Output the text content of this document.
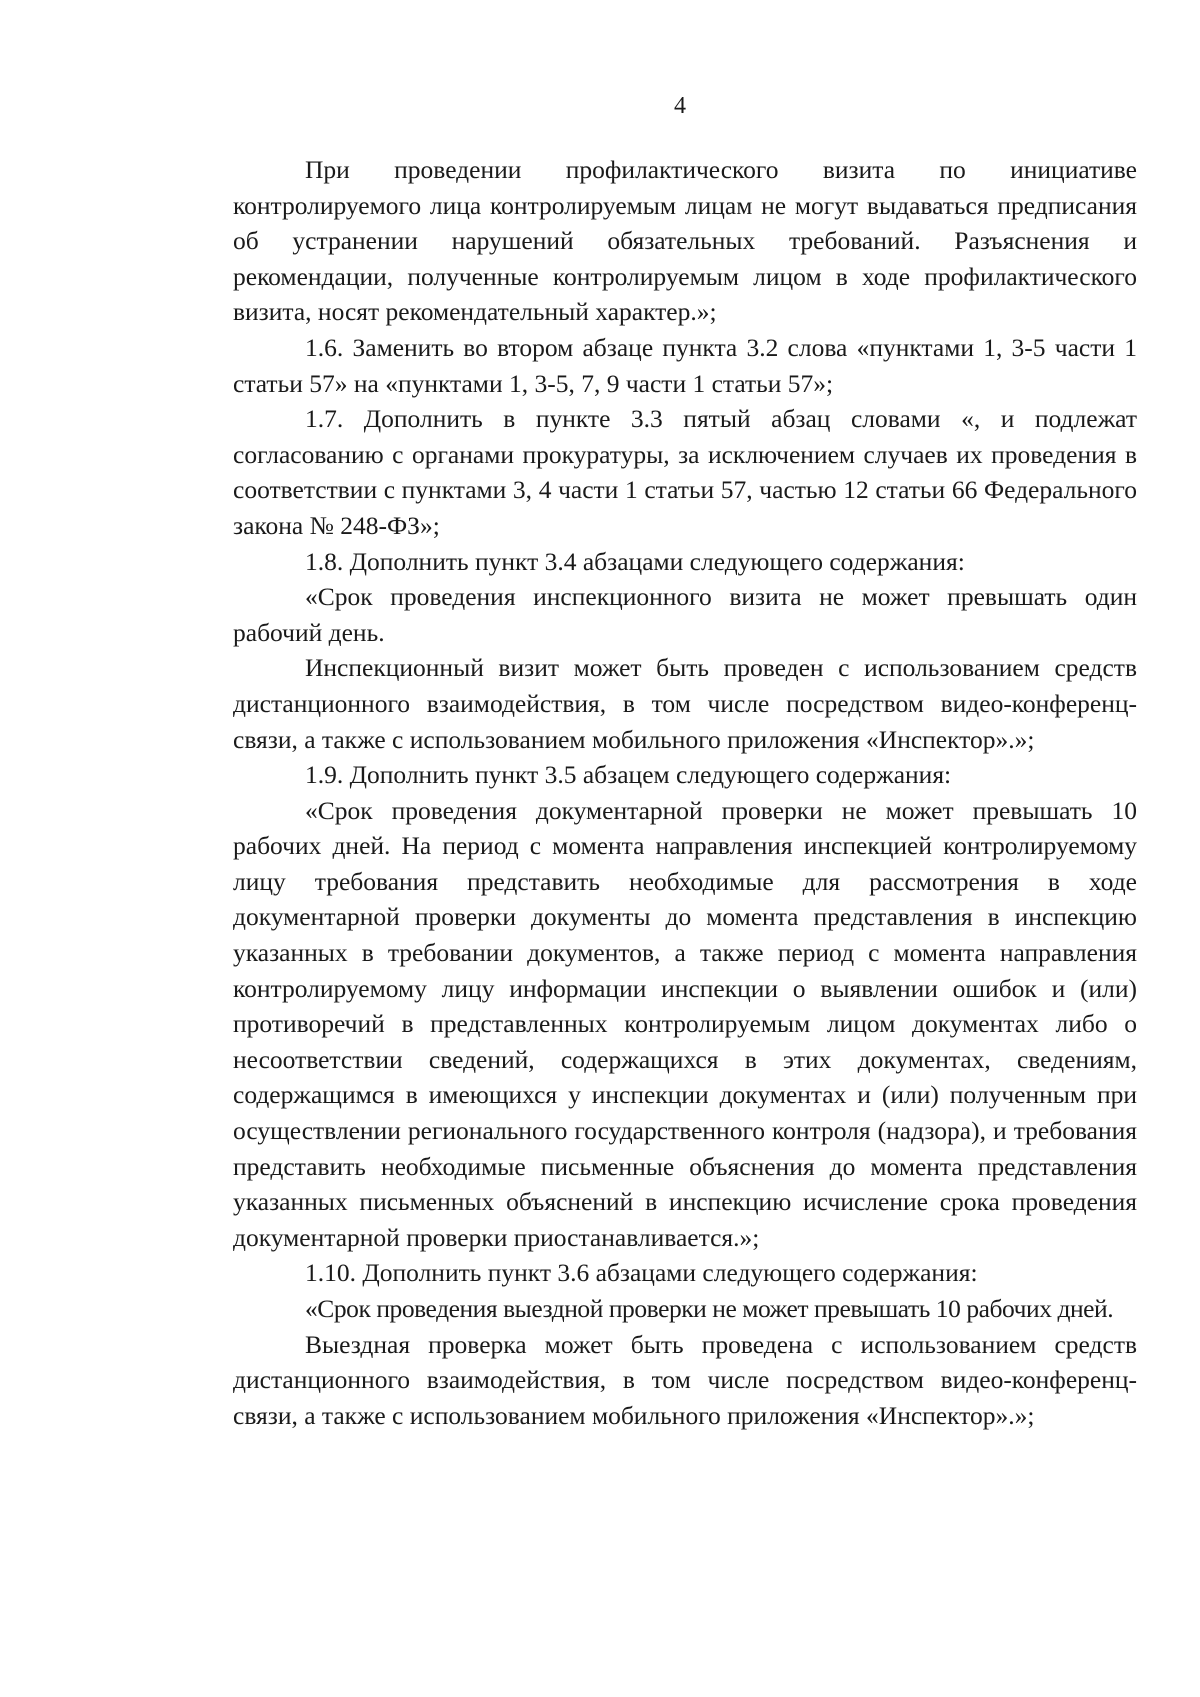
4

При проведении профилактического визита по инициативе контролируемого лица контролируемым лицам не могут выдаваться предписания об устранении нарушений обязательных требований. Разъяснения и рекомендации, полученные контролируемым лицом в ходе профилактического визита, носят рекомендательный характер.»;

1.6. Заменить во втором абзаце пункта 3.2 слова «пунктами 1, 3-5 части 1 статьи 57» на «пунктами 1, 3-5, 7, 9 части 1 статьи 57»;

1.7. Дополнить в пункте 3.3 пятый абзац словами «, и подлежат согласованию с органами прокуратуры, за исключением случаев их проведения в соответствии с пунктами 3, 4 части 1 статьи 57, частью 12 статьи 66 Федерального закона № 248-ФЗ»;

1.8. Дополнить пункт 3.4 абзацами следующего содержания:

«Срок проведения инспекционного визита не может превышать один рабочий день.

Инспекционный визит может быть проведен с использованием средств дистанционного взаимодействия, в том числе посредством видео-конференц-связи, а также с использованием мобильного приложения «Инспектор».»;

1.9. Дополнить пункт 3.5 абзацем следующего содержания:

«Срок проведения документарной проверки не может превышать 10 рабочих дней. На период с момента направления инспекцией контролируемому лицу требования представить необходимые для рассмотрения в ходе документарной проверки документы до момента представления в инспекцию указанных в требовании документов, а также период с момента направления контролируемому лицу информации инспекции о выявлении ошибок и (или) противоречий в представленных контролируемым лицом документах либо о несоответствии сведений, содержащихся в этих документах, сведениям, содержащимся в имеющихся у инспекции документах и (или) полученным при осуществлении регионального государственного контроля (надзора), и требования представить необходимые письменные объяснения до момента представления указанных письменных объяснений в инспекцию исчисление срока проведения документарной проверки приостанавливается.»;

1.10. Дополнить пункт 3.6 абзацами следующего содержания:

«Срок проведения выездной проверки не может превышать 10 рабочих дней.

Выездная проверка может быть проведена с использованием средств дистанционного взаимодействия, в том числе посредством видео-конференц-связи, а также с использованием мобильного приложения «Инспектор».»;
